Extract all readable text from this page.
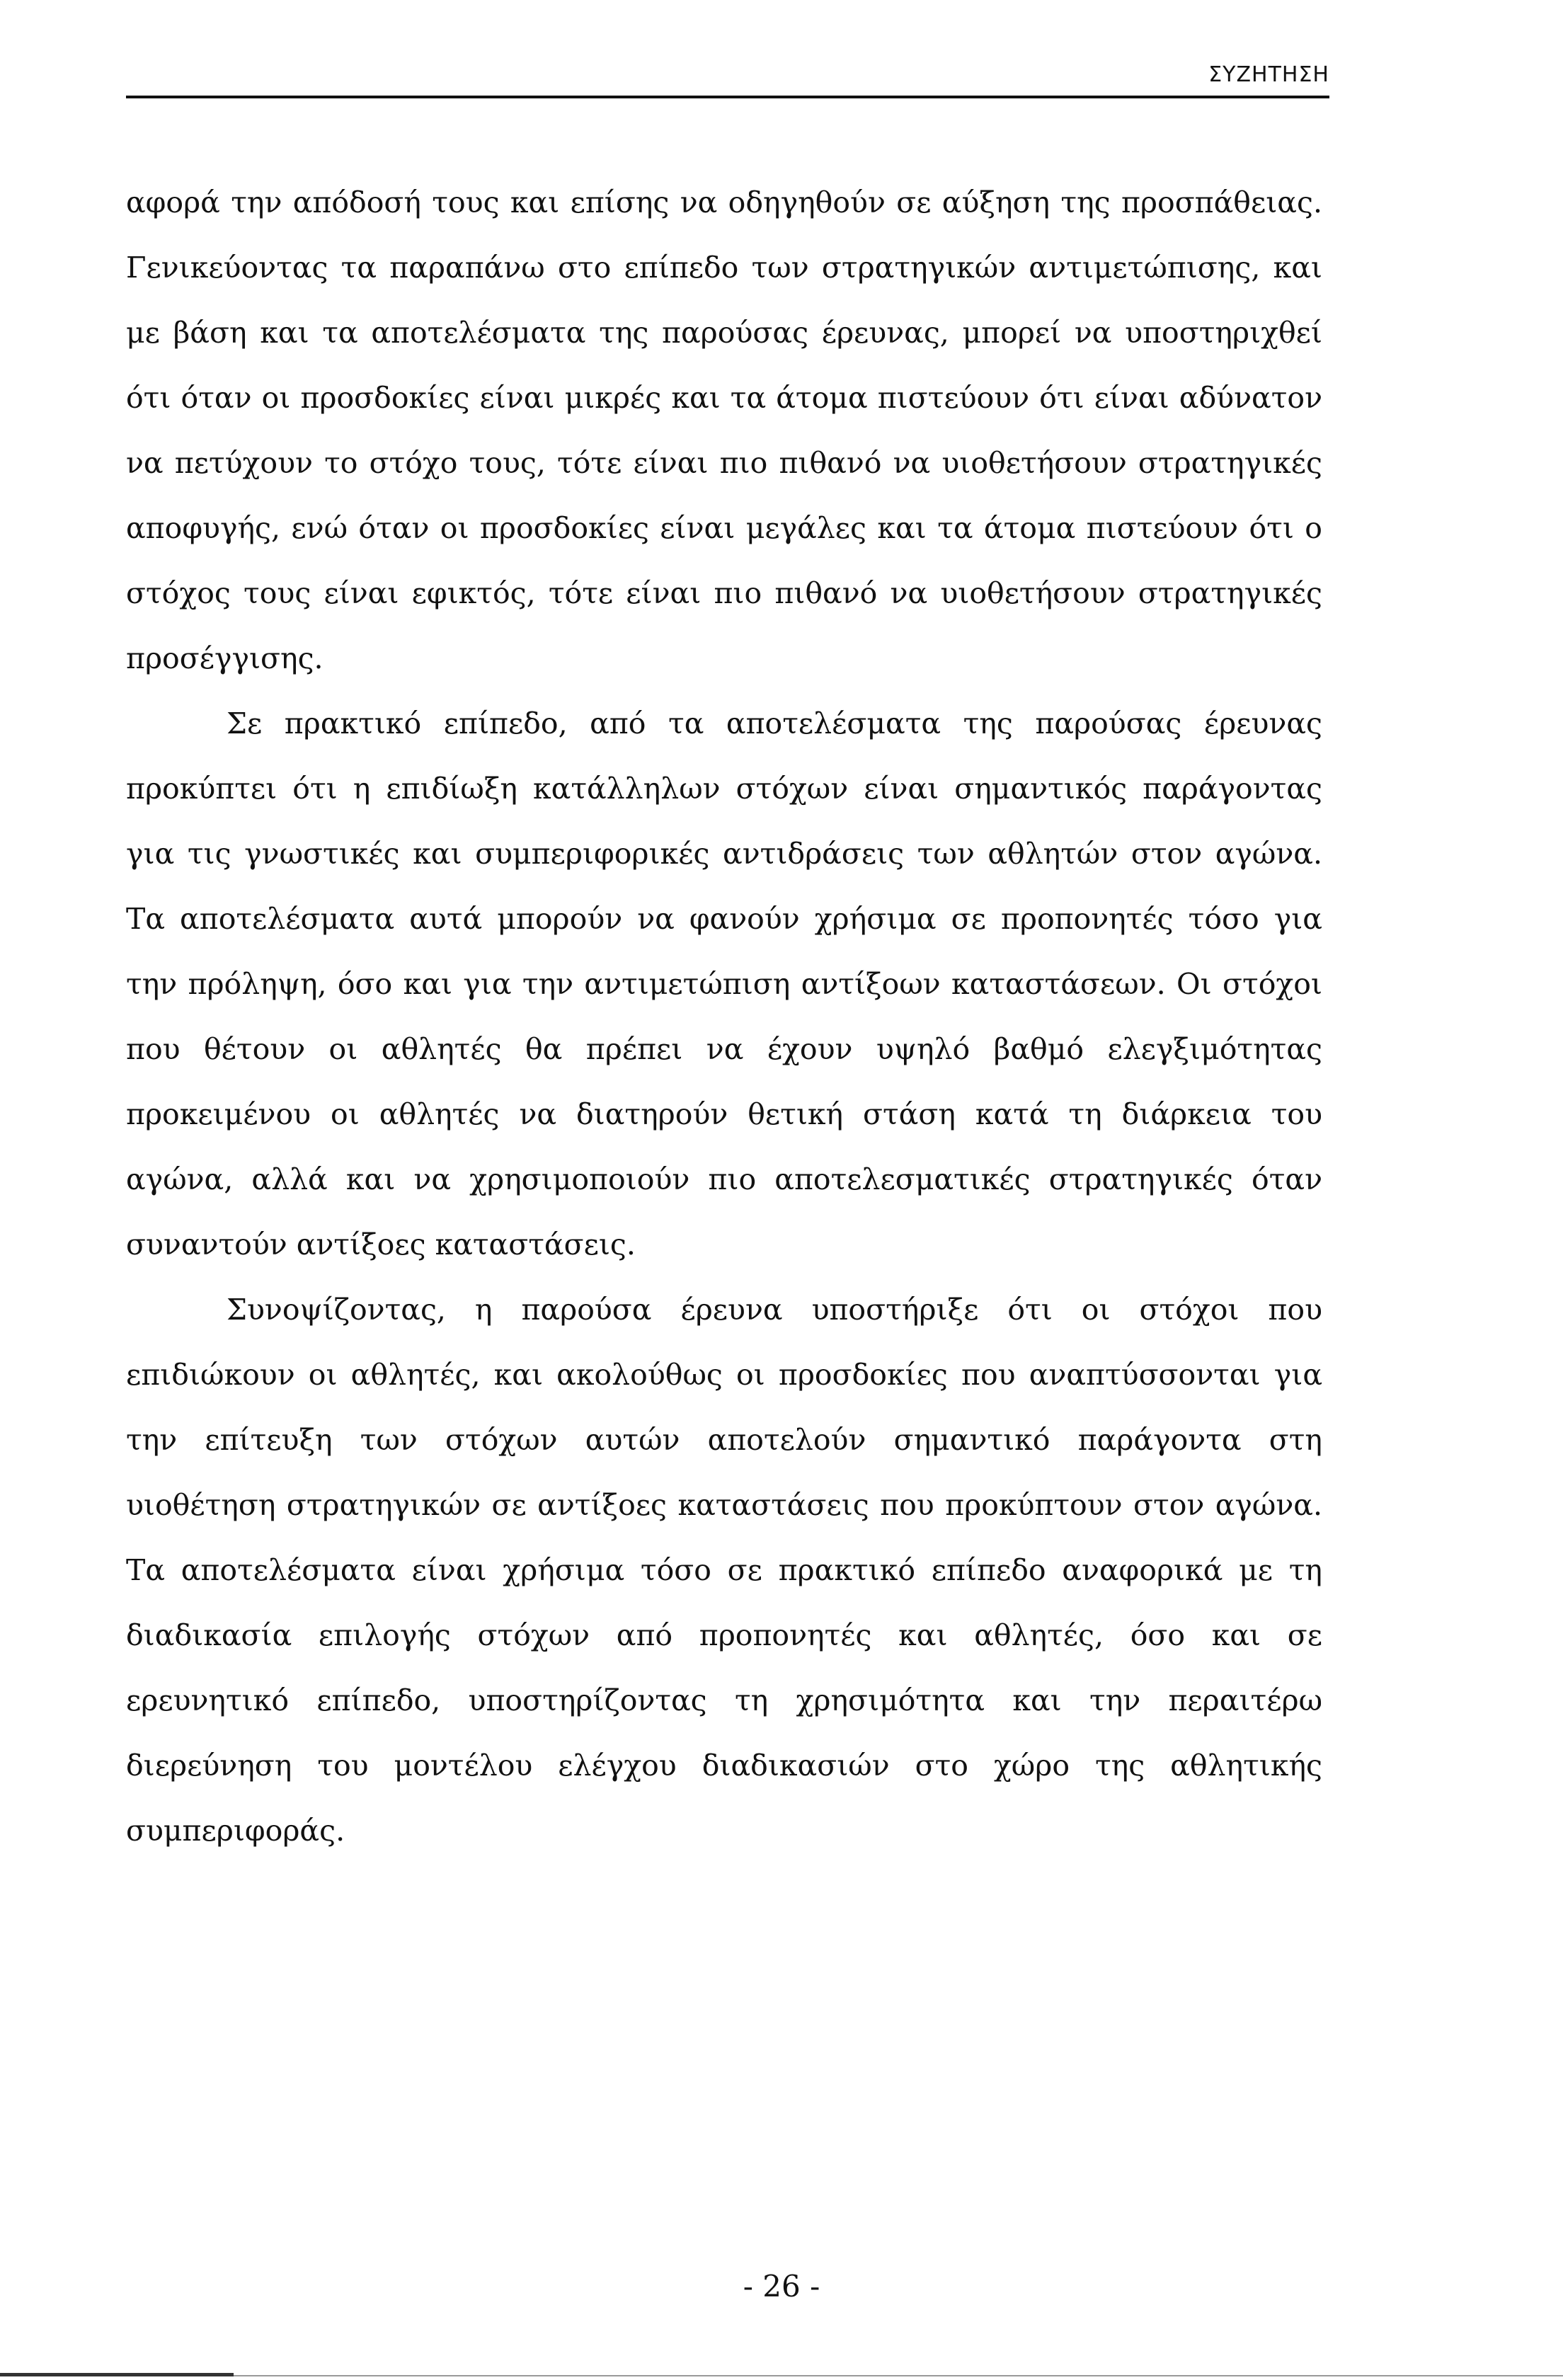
ΣΥΖΗΤΗΣΗ

αφορά την απόδοσή τους και επίσης να οδηγηθούν σε αύξηση της προσπάθειας. Γενικεύοντας τα παραπάνω στο επίπεδο των στρατηγικών αντιμετώπισης, και με βάση και τα αποτελέσματα της παρούσας έρευνας, μπορεί να υποστηριχθεί ότι όταν οι προσδοκίες είναι μικρές και τα άτομα πιστεύουν ότι είναι αδύνατον να πετύχουν το στόχο τους, τότε είναι πιο πιθανό να υιοθετήσουν στρατηγικές αποφυγής, ενώ όταν οι προσδοκίες είναι μεγάλες και τα άτομα πιστεύουν ότι ο στόχος τους είναι εφικτός, τότε είναι πιο πιθανό να υιοθετήσουν στρατηγικές προσέγγισης.

Σε πρακτικό επίπεδο, από τα αποτελέσματα της παρούσας έρευνας προκύπτει ότι η επιδίωξη κατάλληλων στόχων είναι σημαντικός παράγοντας για τις γνωστικές και συμπεριφορικές αντιδράσεις των αθλητών στον αγώνα. Τα αποτελέσματα αυτά μπορούν να φανούν χρήσιμα σε προπονητές τόσο για την πρόληψη, όσο και για την αντιμετώπιση αντίξοων καταστάσεων. Οι στόχοι που θέτουν οι αθλητές θα πρέπει να έχουν υψηλό βαθμό ελεγξιμότητας προκειμένου οι αθλητές να διατηρούν θετική στάση κατά τη διάρκεια του αγώνα, αλλά και να χρησιμοποιούν πιο αποτελεσματικές στρατηγικές όταν συναντούν αντίξοες καταστάσεις.

Συνοψίζοντας, η παρούσα έρευνα υποστήριξε ότι οι στόχοι που επιδιώκουν οι αθλητές, και ακολούθως οι προσδοκίες που αναπτύσσονται για την επίτευξη των στόχων αυτών αποτελούν σημαντικό παράγοντα στη υιοθέτηση στρατηγικών σε αντίξοες καταστάσεις που προκύπτουν στον αγώνα. Τα αποτελέσματα είναι χρήσιμα τόσο σε πρακτικό επίπεδο αναφορικά με τη διαδικασία επιλογής στόχων από προπονητές και αθλητές, όσο και σε ερευνητικό επίπεδο, υποστηρίζοντας τη χρησιμότητα και την περαιτέρω διερεύνηση του μοντέλου ελέγχου διαδικασιών στο χώρο της αθλητικής συμπεριφοράς.

- 26 -
